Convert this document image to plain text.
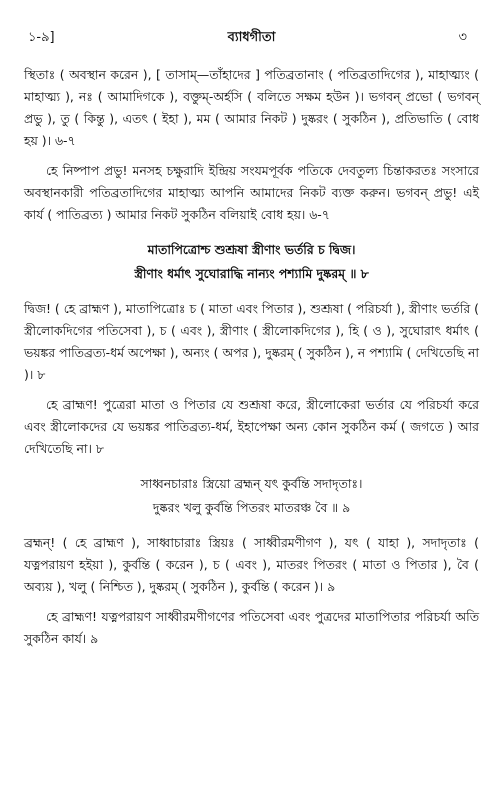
১-৯]	ব্যাধগীতা	৩

স্থিতাঃ ( অবস্থান করেন ), [ তাসাম্—তাঁহাদের ] পতিব্রতানাং ( পতিব্রতাদিগের ), মাহাত্ম্যং ( মাহাত্ম্য ), নঃ ( আমাদিগকে ), বক্তুম্-অর্হসি ( বলিতে সক্ষম হউন )। ভগবন্ প্রভো ( ভগবন্ প্রভু ), তু ( কিন্তু ), এতৎ ( ইহা ), মম ( আমার নিকট ) দুষ্করং ( সুকঠিন ), প্রতিভাতি ( বোধ হয় )। ৬-৭

হে নিষ্পাপ প্রভু! মনসহ চক্ষুরাদি ইন্দ্রিয় সংযমপূর্বক পতিকে দেবতুল্য চিন্তাকরতঃ সংসারে অবস্থানকারী পতিব্রতাদিগের মাহাত্ম্য আপনি আমাদের নিকট ব্যক্ত করুন। ভগবন্ প্রভু! এই কার্য ( পাতিব্রত্য ) আমার নিকট সুকঠিন বলিয়াই বোধ হয়। ৬-৭

মাতাপিত্রোশ্চ শুশ্রূষা স্ত্রীণাং ভর্তরি চ দ্বিজ।

স্ত্রীণাং ধর্মাৎ সুঘোরাদ্ধি নান্যং পশ্যামি দুষ্করম্ ॥ ৮

দ্বিজ! ( হে ব্রাহ্মণ ), মাতাপিত্রোঃ চ ( মাতা এবং পিতার ), শুশ্রূষা ( পরিচর্যা ), স্ত্রীণাং ভর্তরি ( স্ত্রীলোকদিগের পতিসেবা ), চ ( এবং ), স্ত্রীণাং ( স্ত্রীলোকদিগের ), হি ( ও ), সুঘোরাৎ ধর্মাৎ ( ভয়ঙ্কর পাতিব্রত্য-ধর্ম অপেক্ষা ), অন্যং ( অপর ), দুষ্করম্ ( সুকঠিন ), ন পশ্যামি ( দেখিতেছি না )। ৮

হে ব্রাহ্মণ! পুত্রেরা মাতা ও পিতার যে শুশ্রূষা করে, স্ত্রীলোকেরা ভর্তার যে পরিচর্যা করে এবং স্ত্রীলোকদের যে ভয়ঙ্কর পাতিব্রত্য-ধর্ম, ইহাপেক্ষা অন্য কোন সুকঠিন কর্ম ( জগতে ) আর দেখিতেছি না। ৮

সাধ্বনচারাঃ স্ত্রিয়ো ব্রহ্মন্ যৎ কুর্বন্তি সদাদৃতাঃ।

দুষ্করং খলু কুর্বন্তি পিতরং মাতরঞ্চ বৈ ॥ ৯

ব্রহ্মন্! ( হে ব্রাহ্মণ ), সাধ্বাচারাঃ স্ত্রিয়ঃ ( সাধ্বীরমণীগণ ), যৎ ( যাহা ), সদাদৃতাঃ ( যত্নপরায়ণ হইয়া ), কুর্বন্তি ( করেন ), চ ( এবং ), মাতরং পিতরং ( মাতা ও পিতার ), বৈ ( অব্যয় ), খলু ( নিশ্চিত ), দুষ্করম্ ( সুকঠিন ), কুর্বন্তি ( করেন )। ৯

হে ব্রাহ্মণ! যত্নপরায়ণ সাধ্বীরমণীগণের পতিসেবা এবং পুত্রদের মাতাপিতার পরিচর্যা অতি সুকঠিন কার্য। ৯
